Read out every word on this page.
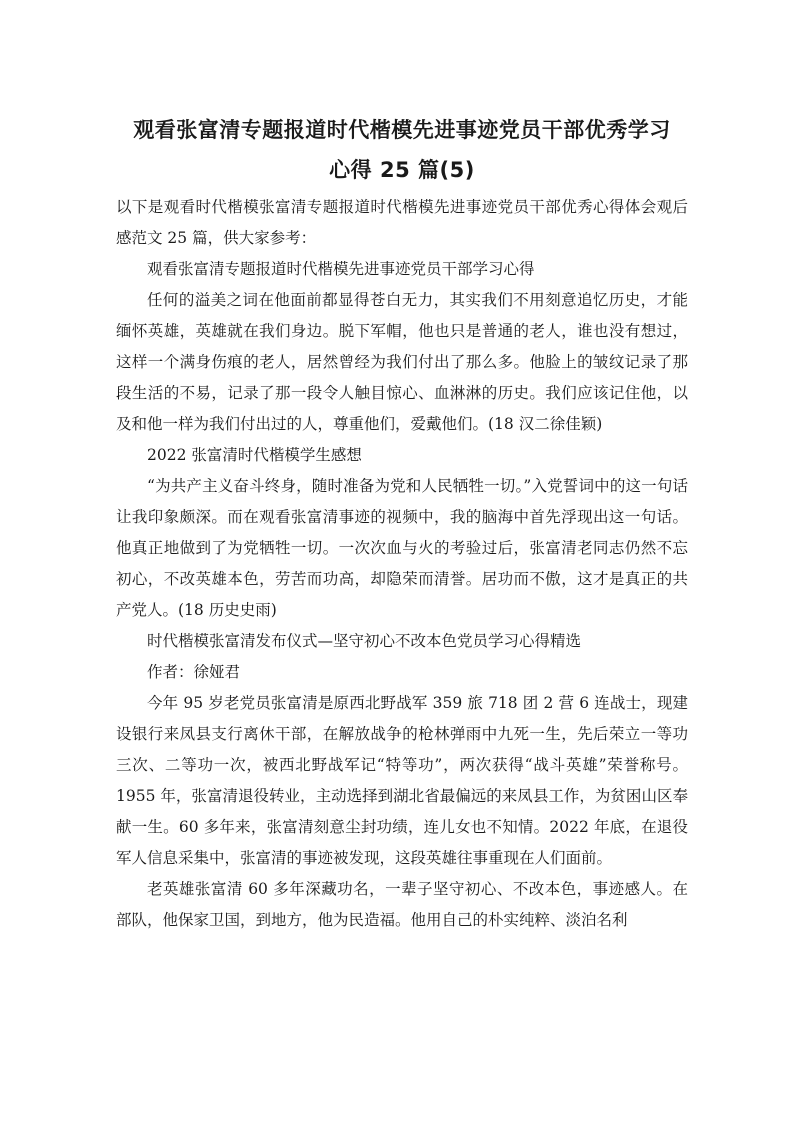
观看张富清专题报道时代楷模先进事迹党员干部优秀学习
心得 25 篇(5)

以下是观看时代楷模张富清专题报道时代楷模先进事迹党员干部优秀心得体会观后感范文 25 篇，供大家参考：

观看张富清专题报道时代楷模先进事迹党员干部学习心得

任何的溢美之词在他面前都显得苍白无力，其实我们不用刻意追忆历史，才能缅怀英雄，英雄就在我们身边。脱下军帽，他也只是普通的老人，谁也没有想过，这样一个满身伤痕的老人，居然曾经为我们付出了那么多。他脸上的皱纹记录了那段生活的不易，记录了那一段令人触目惊心、血淋淋的历史。我们应该记住他，以及和他一样为我们付出过的人，尊重他们，爱戴他们。(18 汉二徐佳颖)

2022 张富清时代楷模学生感想

“为共产主义奋斗终身，随时准备为党和人民牺牲一切。”入党誓词中的这一句话让我印象颇深。而在观看张富清事迹的视频中，我的脑海中首先浮现出这一句话。他真正地做到了为党牺牲一切。一次次血与火的考验过后，张富清老同志仍然不忘初心，不改英雄本色，劳苦而功高，却隐荣而清誉。居功而不傲，这才是真正的共产党人。(18 历史史雨)

时代楷模张富清发布仪式—坚守初心不改本色党员学习心得精选

作者：徐娅君

今年 95 岁老党员张富清是原西北野战军 359 旅 718 团 2 营 6 连战士，现建设银行来凤县支行离休干部，在解放战争的枪林弹雨中九死一生，先后荣立一等功三次、二等功一次，被西北野战军记“特等功”，两次获得“战斗英雄”荣誉称号。1955 年，张富清退役转业，主动选择到湖北省最偏远的来凤县工作，为贫困山区奉献一生。60 多年来，张富清刻意尘封功绩，连儿女也不知情。2022 年底，在退役军人信息采集中，张富清的事迹被发现，这段英雄往事重现在人们面前。

老英雄张富清 60 多年深藏功名，一辈子坚守初心、不改本色，事迹感人。在部队，他保家卫国，到地方，他为民造福。他用自己的朴实纯粹、淡泊名利
